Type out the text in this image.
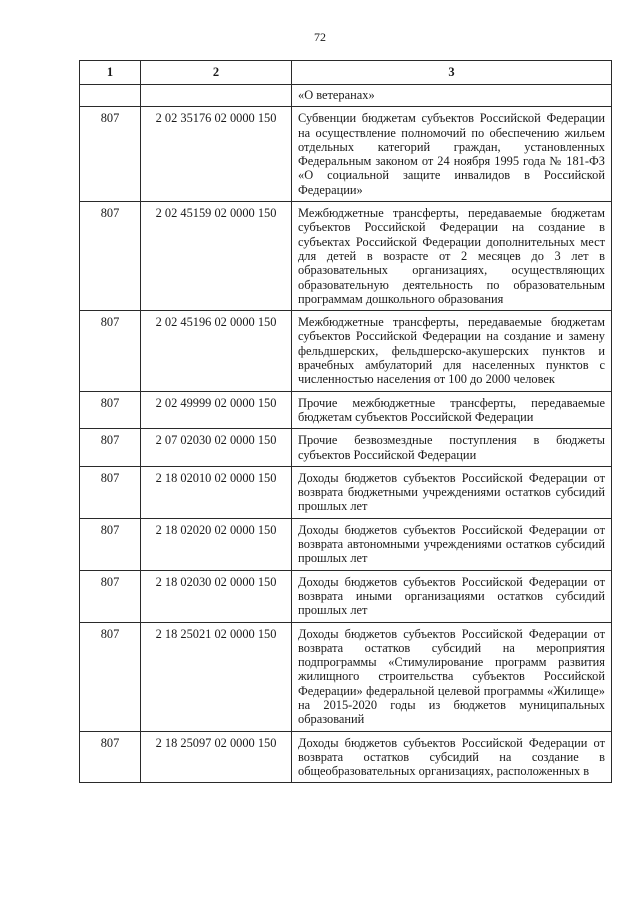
72
1	2	3
		«О ветеранах»
807	2 02 35176 02 0000 150	Субвенции бюджетам субъектов Российской Федерации на осуществление полномочий по обеспечению жильем отдельных категорий граждан, установленных Федеральным законом от 24 ноября 1995 года № 181-ФЗ «О социальной защите инвалидов в Российской Федерации»
807	2 02 45159 02 0000 150	Межбюджетные трансферты, передаваемые бюджетам субъектов Российской Федерации на создание в субъектах Российской Федерации дополнительных мест для детей в возрасте от 2 месяцев до 3 лет в образовательных организациях, осуществляющих образовательную деятельность по образовательным программам дошкольного образования
807	2 02 45196 02 0000 150	Межбюджетные трансферты, передаваемые бюджетам субъектов Российской Федерации на создание и замену фельдшерских, фельдшерско-акушерских пунктов и врачебных амбулаторий для населенных пунктов с численностью населения от 100 до 2000 человек
807	2 02 49999 02 0000 150	Прочие межбюджетные трансферты, передаваемые бюджетам субъектов Российской Федерации
807	2 07 02030 02 0000 150	Прочие безвозмездные поступления в бюджеты субъектов Российской Федерации
807	2 18 02010 02 0000 150	Доходы бюджетов субъектов Российской Федерации от возврата бюджетными учреждениями остатков субсидий прошлых лет
807	2 18 02020 02 0000 150	Доходы бюджетов субъектов Российской Федерации от возврата автономными учреждениями остатков субсидий прошлых лет
807	2 18 02030 02 0000 150	Доходы бюджетов субъектов Российской Федерации от возврата иными организациями остатков субсидий прошлых лет
807	2 18 25021 02 0000 150	Доходы бюджетов субъектов Российской Федерации от возврата остатков субсидий на мероприятия подпрограммы «Стимулирование программ развития жилищного строительства субъектов Российской Федерации» федеральной целевой программы «Жилище» на 2015-2020 годы из бюджетов муниципальных образований
807	2 18 25097 02 0000 150	Доходы бюджетов субъектов Российской Федерации от возврата остатков субсидий на создание в общеобразовательных организациях, расположенных в
